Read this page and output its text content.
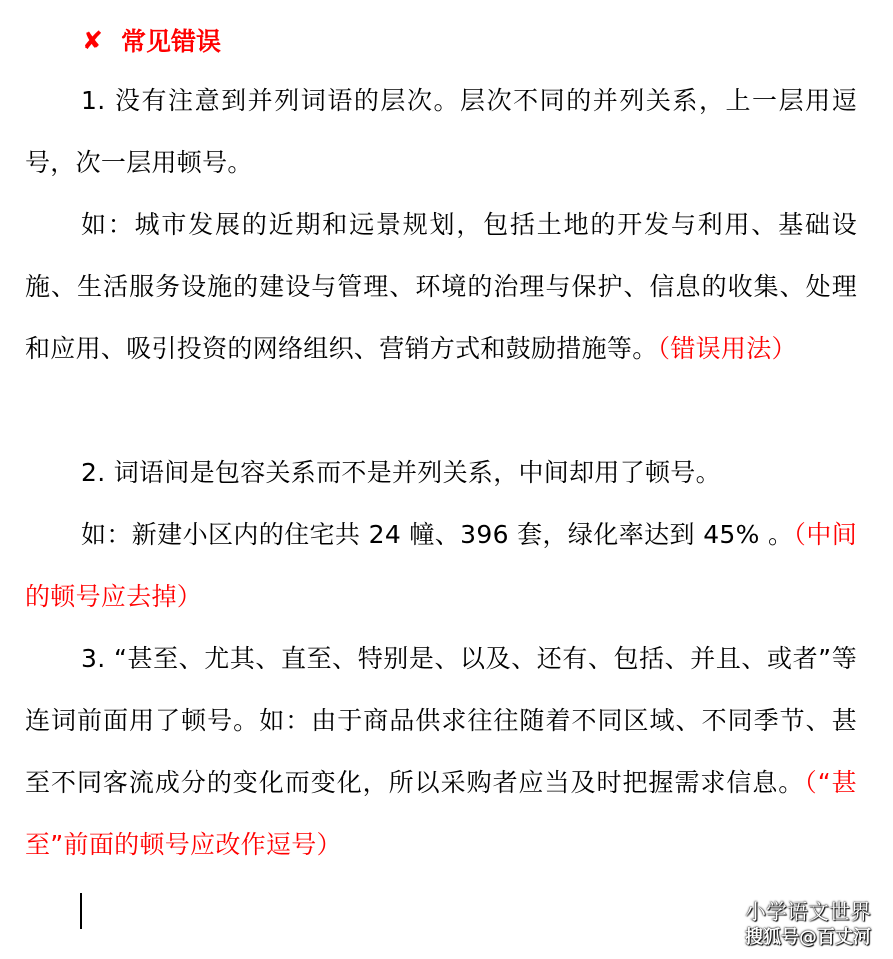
✘ 常见错误

1. 没有注意到并列词语的层次。层次不同的并列关系，上一层用逗号，次一层用顿号。

如：城市发展的近期和远景规划，包括土地的开发与利用、基础设施、生活服务设施的建设与管理、环境的治理与保护、信息的收集、处理和应用、吸引投资的网络组织、营销方式和鼓励措施等。（错误用法）

2. 词语间是包容关系而不是并列关系，中间却用了顿号。

如：新建小区内的住宅共 24 幢、396 套，绿化率达到 45% 。（中间的顿号应去掉）

3. “甚至、尤其、直至、特别是、以及、还有、包括、并且、或者”等连词前面用了顿号。如：由于商品供求往往随着不同区域、不同季节、甚至不同客流成分的变化而变化，所以采购者应当及时把握需求信息。（“甚至”前面的顿号应改作逗号）

小学语文世界
搜狐号@百丈河
